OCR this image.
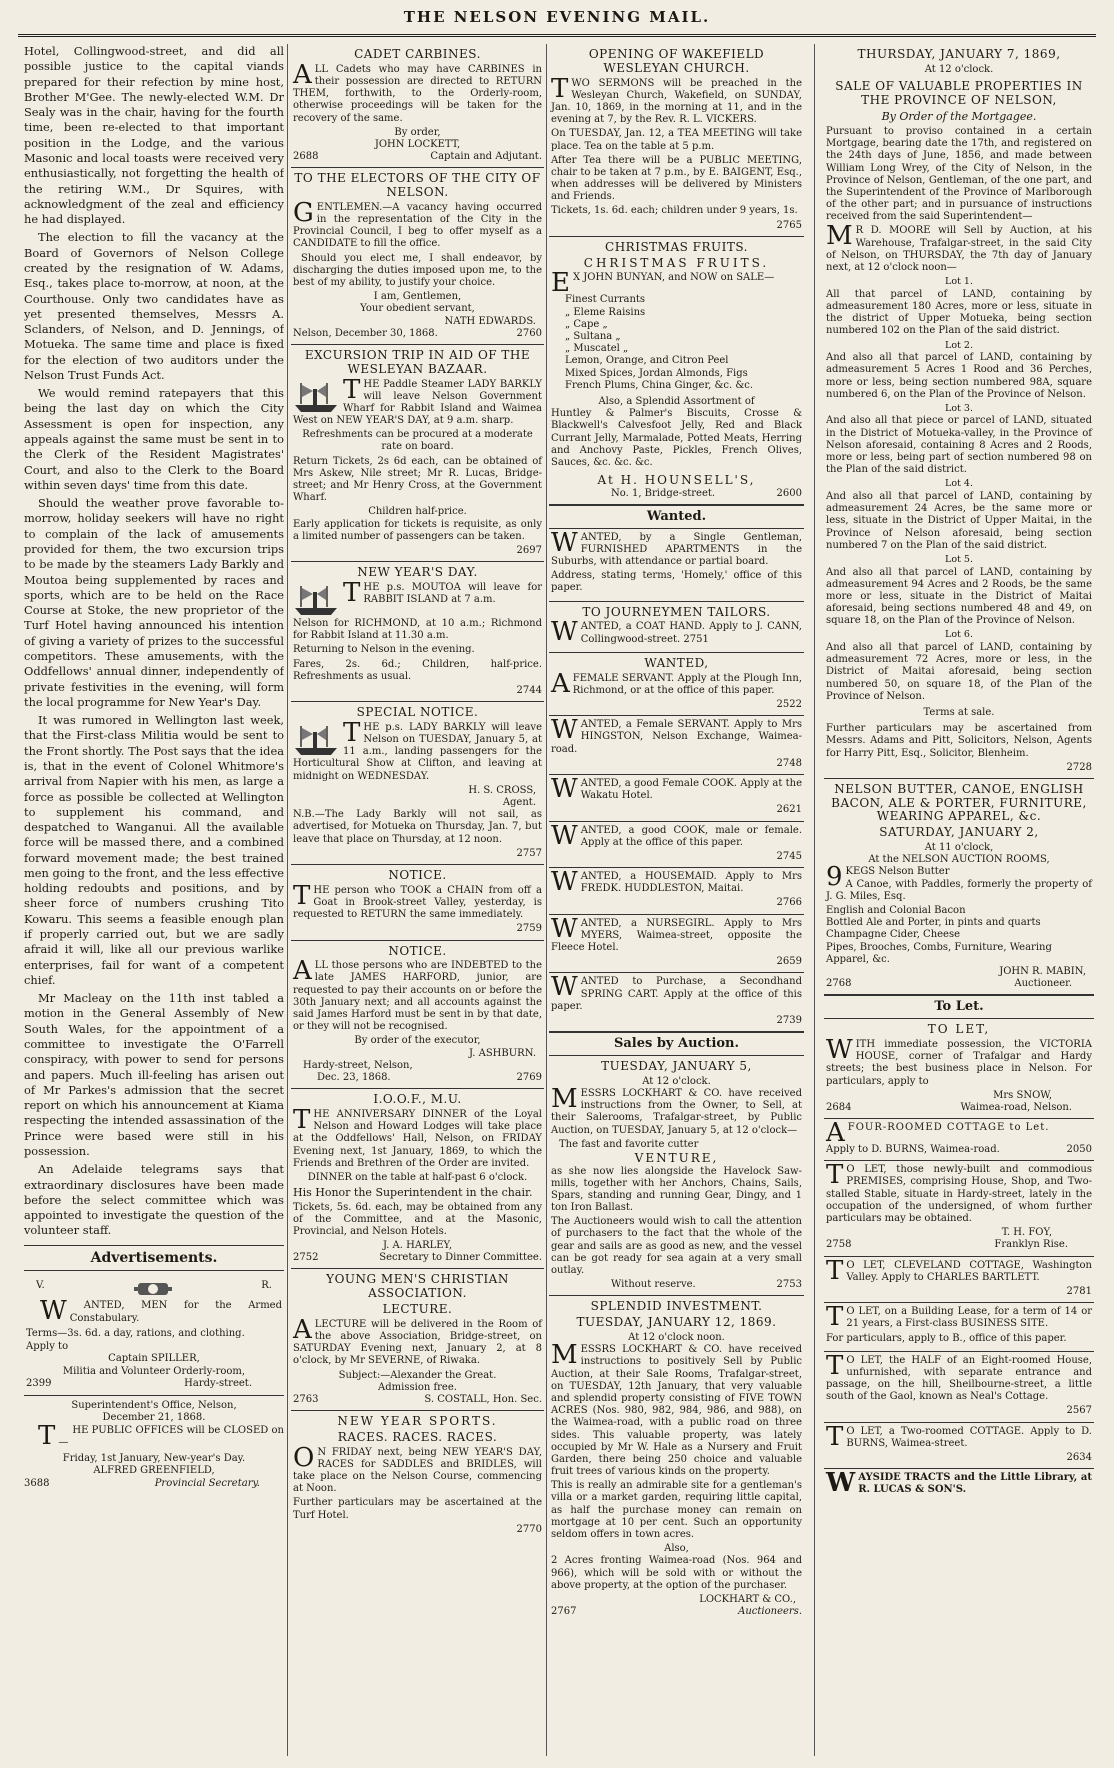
THE NELSON EVENING MAIL.

Hotel, Collingwood-street, and did all possible justice to the capital viands prepared for their refection by mine host, Brother M'Gee. The newly-elected W.M. Dr Sealy was in the chair, having for the fourth time, been re-elected to that important position in the Lodge, and the various Masonic and local toasts were received very enthusiastically, not forgetting the health of the retiring W.M., Dr Squires, with acknowledgment of the zeal and efficiency he had displayed.

The election to fill the vacancy at the Board of Governors of Nelson College created by the resignation of W. Adams, Esq., takes place to-morrow, at noon, at the Courthouse. Only two candidates have as yet presented themselves, Messrs A. Sclanders, of Nelson, and D. Jennings, of Motueka. The same time and place is fixed for the election of two auditors under the Nelson Trust Funds Act.

We would remind ratepayers that this being the last day on which the City Assessment is open for inspection, any appeals against the same must be sent in to the Clerk of the Resident Magistrates' Court, and also to the Clerk to the Board within seven days' time from this date.

Should the weather prove favorable to-morrow, holiday seekers will have no right to complain of the lack of amusements provided for them, the two excursion trips to be made by the steamers Lady Barkly and Moutoa being supplemented by races and sports, which are to be held on the Race Course at Stoke, the new proprietor of the Turf Hotel having announced his intention of giving a variety of prizes to the successful competitors. These amusements, with the Oddfellows' annual dinner, independently of private festivities in the evening, will form the local programme for New Year's Day.

It was rumored in Wellington last week, that the First-class Militia would be sent to the Front shortly. The Post says that the idea is, that in the event of Colonel Whitmore's arrival from Napier with his men, as large a force as possible be collected at Wellington to supplement his command, and despatched to Wanganui. All the available force will be massed there, and a combined forward movement made; the best trained men going to the front, and the less effective holding redoubts and positions, and by sheer force of numbers crushing Tito Kowaru. This seems a feasible enough plan if properly carried out, but we are sadly afraid it will, like all our previous warlike enterprises, fail for want of a competent chief.

Mr Macleay on the 11th inst tabled a motion in the General Assembly of New South Wales, for the appointment of a committee to investigate the O'Farrell conspiracy, with power to send for persons and papers. Much ill-feeling has arisen out of Mr Parkes's admission that the secret report on which his announcement at Kiama respecting the intended assassination of the Prince were based were still in his possession.

An Adelaide telegrams says that extraordinary disclosures have been made before the select committee which was appointed to investigate the question of the volunteer staff.

Advertisements.
V.	R.

W ANTED, MEN for the Armed Constabulary.

Terms—3s. 6d. a day, rations, and clothing.
Apply to
Captain SPILLER,
Militia and Volunteer Orderly-room,
2399	Hardy-street.
Superintendent's Office, Nelson,
December 21, 1868.

T HE PUBLIC OFFICES will be CLOSED on—

Friday, 1st January, New-year's Day.
ALFRED GREENFIELD,
3688	Provincial Secretary.
CADET CARBINES.

ALL Cadets who may have CARBINES in their possession are directed to RETURN THEM, forthwith, to the Orderly-room, otherwise proceedings will be taken for the recovery of the same.

By order,
JOHN LOCKETT,
2688	Captain and Adjutant.
TO THE ELECTORS OF THE CITY OF NELSON.

GENTLEMEN.—A vacancy having occurred in the representation of the City in the Provincial Council, I beg to offer myself as a CANDIDATE to fill the office.

Should you elect me, I shall endeavor, by discharging the duties imposed upon me, to the best of my ability, to justify your choice.

I am, Gentlemen,
Your obedient servant,
NATH EDWARDS.
Nelson, December 30, 1868.	2760
EXCURSION TRIP IN AID OF THE WESLEYAN BAZAAR.

THE Paddle Steamer LADY BARKLY will leave Nelson Government Wharf for Rabbit Island and Waimea West on NEW YEAR'S DAY, at 9 a.m. sharp.

Refreshments can be procured at a moderate rate on board.

Return Tickets, 2s 6d each, can be obtained of Mrs Askew, Nile street; Mr R. Lucas, Bridge-street; and Mr Henry Cross, at the Government Wharf.

Children half-price.

Early application for tickets is requisite, as only a limited number of passengers can be taken.

2697
NEW YEAR'S DAY.

THE p.s. MOUTOA will leave for RABBIT ISLAND at 7 a.m.

Nelson for RICHMOND, at 10 a.m.; Richmond for Rabbit Island at 11.30 a.m.

Returning to Nelson in the evening.

Fares, 2s. 6d.; Children, half-price. Refreshments as usual.

2744
SPECIAL NOTICE.

THE p.s. LADY BARKLY will leave Nelson on TUESDAY, January 5, at 11 a.m., landing passengers for the Horticultural Show at Clifton, and leaving at midnight on WEDNESDAY.

H. S. CROSS,
Agent.

N.B.—The Lady Barkly will not sail, as advertised, for Motueka on Thursday, Jan. 7, but leave that place on Thursday, at 12 noon.

2757
NOTICE.

THE person who TOOK a CHAIN from off a Goat in Brook-street Valley, yesterday, is requested to RETURN the same immediately.

2759
NOTICE.

ALL those persons who are INDEBTED to the late JAMES HARFORD, junior, are requested to pay their accounts on or before the 30th January next; and all accounts against the said James Harford must be sent in by that date, or they will not be recognised.

By order of the executor,
J. ASHBURN.
Hardy-street, Nelson,
Dec. 23, 1868.	2769
I.O.O.F., M.U.

THE ANNIVERSARY DINNER of the Loyal Nelson and Howard Lodges will take place at the Oddfellows' Hall, Nelson, on FRIDAY Evening next, 1st January, 1869, to which the Friends and Brethren of the Order are invited.

DINNER on the table at half-past 6 o'clock.

His Honor the Superintendent in the chair.

Tickets, 5s. 6d. each, may be obtained from any of the Committee, and at the Masonic, Provincial, and Nelson Hotels.

J. A. HARLEY,
2752	Secretary to Dinner Committee.
YOUNG MEN'S CHRISTIAN ASSOCIATION.
LECTURE.

ALECTURE will be delivered in the Room of the above Association, Bridge-street, on SATURDAY Evening next, January 2, at 8 o'clock, by Mr SEVERNE, of Riwaka.

Subject:—Alexander the Great.
Admission free.
2763	S. COSTALL, Hon. Sec.
NEW YEAR SPORTS.
RACES. RACES. RACES.

O N FRIDAY next, being NEW YEAR'S DAY, RACES for SADDLES and BRIDLES, will take place on the Nelson Course, commencing at Noon.

Further particulars may be ascertained at the Turf Hotel.

2770
OPENING OF WAKEFIELD WESLEYAN CHURCH.

TWO SERMONS will be preached in the Wesleyan Church, Wakefield, on SUNDAY, Jan. 10, 1869, in the morning at 11, and in the evening at 7, by the Rev. R. L. VICKERS.

On TUESDAY, Jan. 12, a TEA MEETING will take place. Tea on the table at 5 p.m.

After Tea there will be a PUBLIC MEETING, chair to be taken at 7 p.m., by E. BAIGENT, Esq., when addresses will be delivered by Ministers and Friends.

Tickets, 1s. 6d. each; children under 9 years, 1s.

2765
CHRISTMAS FRUITS.
CHRISTMAS FRUITS.

E X JOHN BUNYAN, and NOW on SALE—

Finest Currants
„ Eleme Raisins
„ Cape „
„ Sultana „
„ Muscatel „
Lemon, Orange, and Citron Peel
Mixed Spices, Jordan Almonds, Figs
French Plums, China Ginger, &c. &c.
Also, a Splendid Assortment of

Huntley & Palmer's Biscuits, Crosse & Blackwell's Calvesfoot Jelly, Red and Black Currant Jelly, Marmalade, Potted Meats, Herring and Anchovy Paste, Pickles, French Olives, Sauces, &c. &c. &c.

At H. HOUNSELL'S,
No. 1, Bridge-street.	2600
Wanted.

WANTED, by a Single Gentleman, FURNISHED APARTMENTS in the Suburbs, with attendance or partial board.

Address, stating terms, 'Homely,' office of this paper.

TO JOURNEYMEN TAILORS.

WANTED, a COAT HAND. Apply to J. CANN, Collingwood-street. 2751

WANTED,

AFEMALE SERVANT. Apply at the Plough Inn, Richmond, or at the office of this paper.

2522

WANTED, a Female SERVANT. Apply to Mrs HINGSTON, Nelson Exchange, Waimea-road.

2748

WANTED, a good Female COOK. Apply at the Wakatu Hotel.

2621

WANTED, a good COOK, male or female. Apply at the office of this paper.

2745

WANTED, a HOUSEMAID. Apply to Mrs FREDK. HUDDLESTON, Maitai.

2766

WANTED, a NURSEGIRL. Apply to Mrs MYERS, Waimea-street, opposite the Fleece Hotel.

2659

WANTED to Purchase, a Secondhand SPRING CART. Apply at the office of this paper.

2739
Sales by Auction.
TUESDAY, JANUARY 5,
At 12 o'clock.

MESSRS LOCKHART & CO. have received instructions from the Owner, to Sell, at their Salerooms, Trafalgar-street, by Public Auction, on TUESDAY, January 5, at 12 o'clock—

The fast and favorite cutter
VENTURE,

as she now lies alongside the Havelock Saw-mills, together with her Anchors, Chains, Sails, Spars, standing and running Gear, Dingy, and 1 ton Iron Ballast.

The Auctioneers would wish to call the attention of purchasers to the fact that the whole of the gear and sails are as good as new, and the vessel can be got ready for sea again at a very small outlay.

Without reserve.	2753
SPLENDID INVESTMENT.
TUESDAY, JANUARY 12, 1869.
At 12 o'clock noon.

MESSRS LOCKHART & CO. have received instructions to positively Sell by Public Auction, at their Sale Rooms, Trafalgar-street, on TUESDAY, 12th January, that very valuable and splendid property consisting of FIVE TOWN ACRES (Nos. 980, 982, 984, 986, and 988), on the Waimea-road, with a public road on three sides. This valuable property, was lately occupied by Mr W. Hale as a Nursery and Fruit Garden, there being 250 choice and valuable fruit trees of various kinds on the property.

This is really an admirable site for a gentleman's villa or a market garden, requiring little capital, as half the purchase money can remain on mortgage at 10 per cent. Such an opportunity seldom offers in town acres.

Also,

2 Acres fronting Waimea-road (Nos. 964 and 966), which will be sold with or without the above property, at the option of the purchaser.

LOCKHART & CO.,
2767	Auctioneers.
THURSDAY, JANUARY 7, 1869,
At 12 o'clock.
SALE OF VALUABLE PROPERTIES IN THE PROVINCE OF NELSON,
By Order of the Mortgagee.

Pursuant to proviso contained in a certain Mortgage, bearing date the 17th, and registered on the 24th days of June, 1856, and made between William Long Wrey, of the City of Nelson, in the Province of Nelson, Gentleman, of the one part, and the Superintendent of the Province of Marlborough of the other part; and in pursuance of instructions received from the said Superintendent—

M R D. MOORE will Sell by Auction, at his Warehouse, Trafalgar-street, in the said City of Nelson, on THURSDAY, the 7th day of January next, at 12 o'clock noon—

Lot 1.

All that parcel of LAND, containing by admeasurement 180 Acres, more or less, situate in the district of Upper Motueka, being section numbered 102 on the Plan of the said district.

Lot 2.

And also all that parcel of LAND, containing by admeasurement 5 Acres 1 Rood and 36 Perches, more or less, being section numbered 98A, square numbered 6, on the Plan of the Province of Nelson.

Lot 3.

And also all that piece or parcel of LAND, situated in the District of Motueka-valley, in the Province of Nelson aforesaid, containing 8 Acres and 2 Roods, more or less, being part of section numbered 98 on the Plan of the said district.

Lot 4.

And also all that parcel of LAND, containing by admeasurement 24 Acres, be the same more or less, situate in the District of Upper Maitai, in the Province of Nelson aforesaid, being section numbered 7 on the Plan of the said district.

Lot 5.

And also all that parcel of LAND, containing by admeasurement 94 Acres and 2 Roods, be the same more or less, situate in the District of Maitai aforesaid, being sections numbered 48 and 49, on square 18, on the Plan of the Province of Nelson.

Lot 6.

And also all that parcel of LAND, containing by admeasurement 72 Acres, more or less, in the District of Maitai aforesaid, being section numbered 50, on square 18, of the Plan of the Province of Nelson.

Terms at sale.

Further particulars may be ascertained from Messrs. Adams and Pitt, Solicitors, Nelson, Agents for Harry Pitt, Esq., Solicitor, Blenheim.

2728
NELSON BUTTER, CANOE, ENGLISH BACON, ALE & PORTER, FURNITURE, WEARING APPAREL, &c.
SATURDAY, JANUARY 2,
At 11 o'clock,
At the NELSON AUCTION ROOMS,

9 KEGS Nelson Butter
A Canoe, with Paddles, formerly the property of J. G. Miles, Esq.

English and Colonial Bacon
Bottled Ale and Porter, in pints and quarts
Champagne Cider, Cheese
Pipes, Brooches, Combs, Furniture, Wearing Apparel, &c.
JOHN R. MABIN,
2768	Auctioneer.
To Let.
TO LET,

WITH immediate possession, the VICTORIA HOUSE, corner of Trafalgar and Hardy streets; the best business place in Nelson. For particulars, apply to

Mrs SNOW,
2684	Waimea-road, Nelson.

AFOUR-ROOMED COTTAGE to Let.

Apply to D. BURNS, Waimea-road.	2050

T O LET, those newly-built and commodious PREMISES, comprising House, Shop, and Two-stalled Stable, situate in Hardy-street, lately in the occupation of the undersigned, of whom further particulars may be obtained.

T. H. FOY,
2758	Franklyn Rise.

T O LET, CLEVELAND COTTAGE, Washington Valley. Apply to CHARLES BARTLETT.

2781

T O LET, on a Building Lease, for a term of 14 or 21 years, a First-class BUSINESS SITE.

For particulars, apply to B., office of this paper.

T O LET, the HALF of an Eight-roomed House, unfurnished, with separate entrance and passage, on the hill, Sheilbourne-street, a little south of the Gaol, known as Neal's Cottage.

2567

T O LET, a Two-roomed COTTAGE. Apply to D. BURNS, Waimea-street.

2634

WAYSIDE TRACTS and the Little Library, at R. LUCAS & SON'S.
